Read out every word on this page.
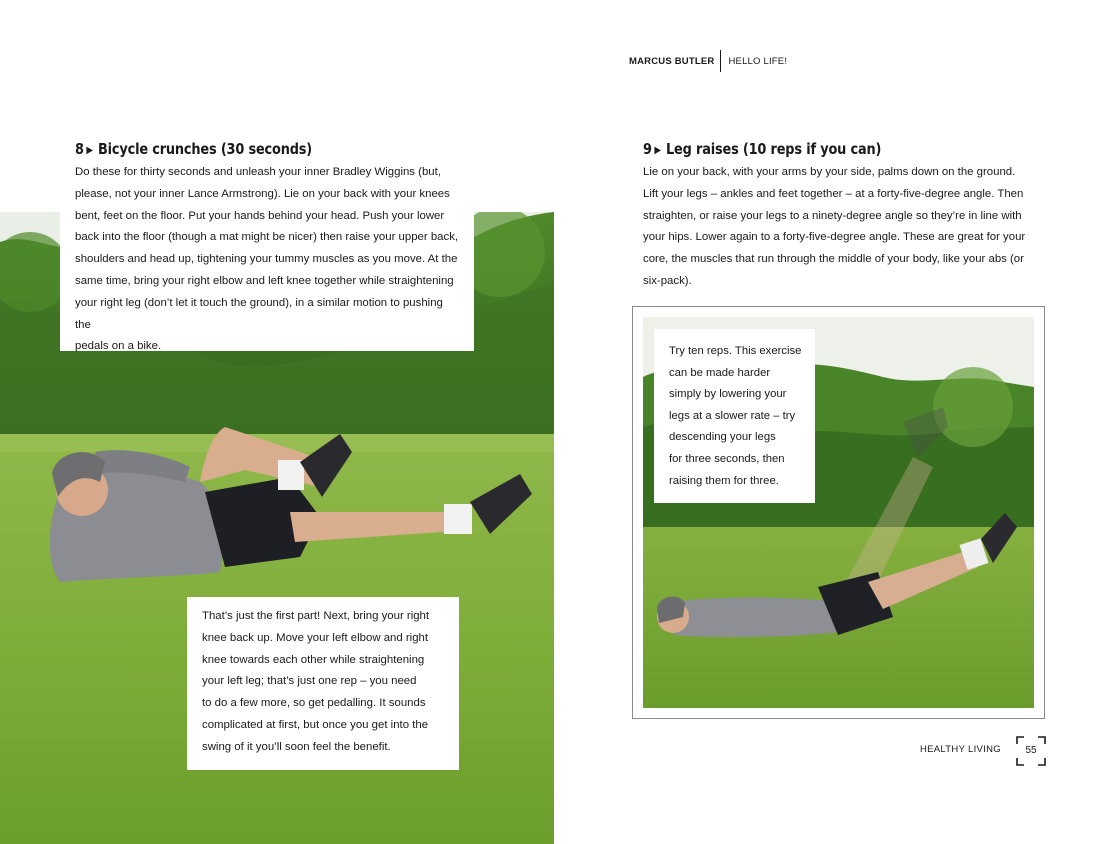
MARCUS BUTLER	HELLO LIFE!
8 ▶ Bicycle crunches (30 seconds)

Do these for thirty seconds and unleash your inner Bradley Wiggins (but,
please, not your inner Lance Armstrong). Lie on your back with your knees
bent, feet on the floor. Put your hands behind your head. Push your lower
back into the floor (though a mat might be nicer) then raise your upper back,
shoulders and head up, tightening your tummy muscles as you move. At the
same time, bring your right elbow and left knee together while straightening
your right leg (don’t let it touch the ground), in a similar motion to pushing the
pedals on a bike.

That’s just the first part! Next, bring your right
knee back up. Move your left elbow and right
knee towards each other while straightening
your left leg; that’s just one rep – you need
to do a few more, so get pedalling. It sounds
complicated at first, but once you get into the
swing of it you’ll soon feel the benefit.

9 ▶ Leg raises (10 reps if you can)

Lie on your back, with your arms by your side, palms down on the ground.
Lift your legs – ankles and feet together – at a forty-five-degree angle. Then
straighten, or raise your legs to a ninety-degree angle so they’re in line with
your hips. Lower again to a forty-five-degree angle. These are great for your
core, the muscles that run through the middle of your body, like your abs (or
six-pack).

Try ten reps. This exercise
can be made harder
simply by lowering your
legs at a slower rate – try
descending your legs
for three seconds, then
raising them for three.

HEALTHY LIVING	55
